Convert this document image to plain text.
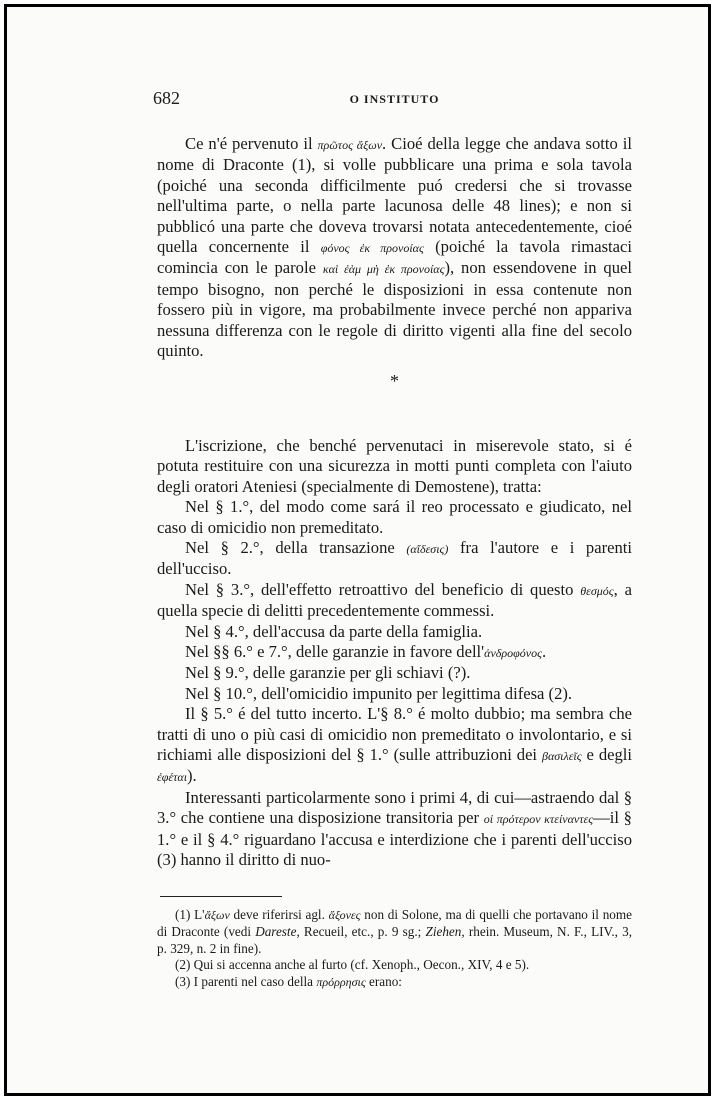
682	O INSTITUTO

Ce n'é pervenuto il πρῶτος ἄξων. Cioé della legge che andava sotto il nome di Draconte (1), si volle pubblicare una prima e sola tavola (poiché una seconda difficilmente puó credersi che si trovasse nell'ultima parte, o nella parte lacunosa delle 48 lines); e non si pubblicó una parte che doveva trovarsi notata antecedentemente, cioé quella concernente il φόνος ἐκ προνοίας (poiché la tavola rimastaci comincia con le parole καὶ ἐὰμ μὴ ἐκ προνοίας), non essendovene in quel tempo bisogno, non perché le disposizioni in essa contenute non fossero più in vigore, ma probabilmente invece perché non appariva nessuna differenza con le regole di diritto vigenti alla fine del secolo quinto.

*

L'iscrizione, che benché pervenutaci in miserevole stato, si é potuta restituire con una sicurezza in motti punti completa con l'aiuto degli oratori Ateniesi (specialmente di Demostene), tratta:

Nel § 1.°, del modo come sará il reo processato e giudicato, nel caso di omicidio non premeditato.

Nel § 2.°, della transazione (αἴδεσις) fra l'autore e i parenti dell'ucciso.

Nel § 3.°, dell'effetto retroattivo del beneficio di questo θεσμός, a quella specie di delitti precedentemente commessi.

Nel § 4.°, dell'accusa da parte della famiglia.

Nel §§ 6.° e 7.°, delle garanzie in favore dell'ἀνδροφόνος.

Nel § 9.°, delle garanzie per gli schiavi (?).

Nel § 10.°, dell'omicidio impunito per legittima difesa (2).

Il § 5.° é del tutto incerto. L'§ 8.° é molto dubbio; ma sembra che tratti di uno o più casi di omicidio non premeditato o involontario, e si richiami alle disposizioni del § 1.° (sulle attribuzioni dei βασιλεῖς e degli ἐφέται).

Interessanti particolarmente sono i primi 4, di cui—astraendo dal § 3.° che contiene una disposizione transitoria per οἱ πρότερον κτείναντες—il § 1.° e il § 4.° riguardano l'accusa e interdizione che i parenti dell'ucciso (3) hanno il diritto di nuo-

(1) L'ἄξων deve riferirsi agl. ἄξονες non di Solone, ma di quelli che portavano il nome di Draconte (vedi Dareste, Recueil, etc., p. 9 sg.; Ziehen, rhein. Museum, N. F., LIV., 3, p. 329, n. 2 in fine).

(2) Qui si accenna anche al furto (cf. Xenoph., Oecon., XIV, 4 e 5).

(3) I parenti nel caso della πρόρρησις erano:
